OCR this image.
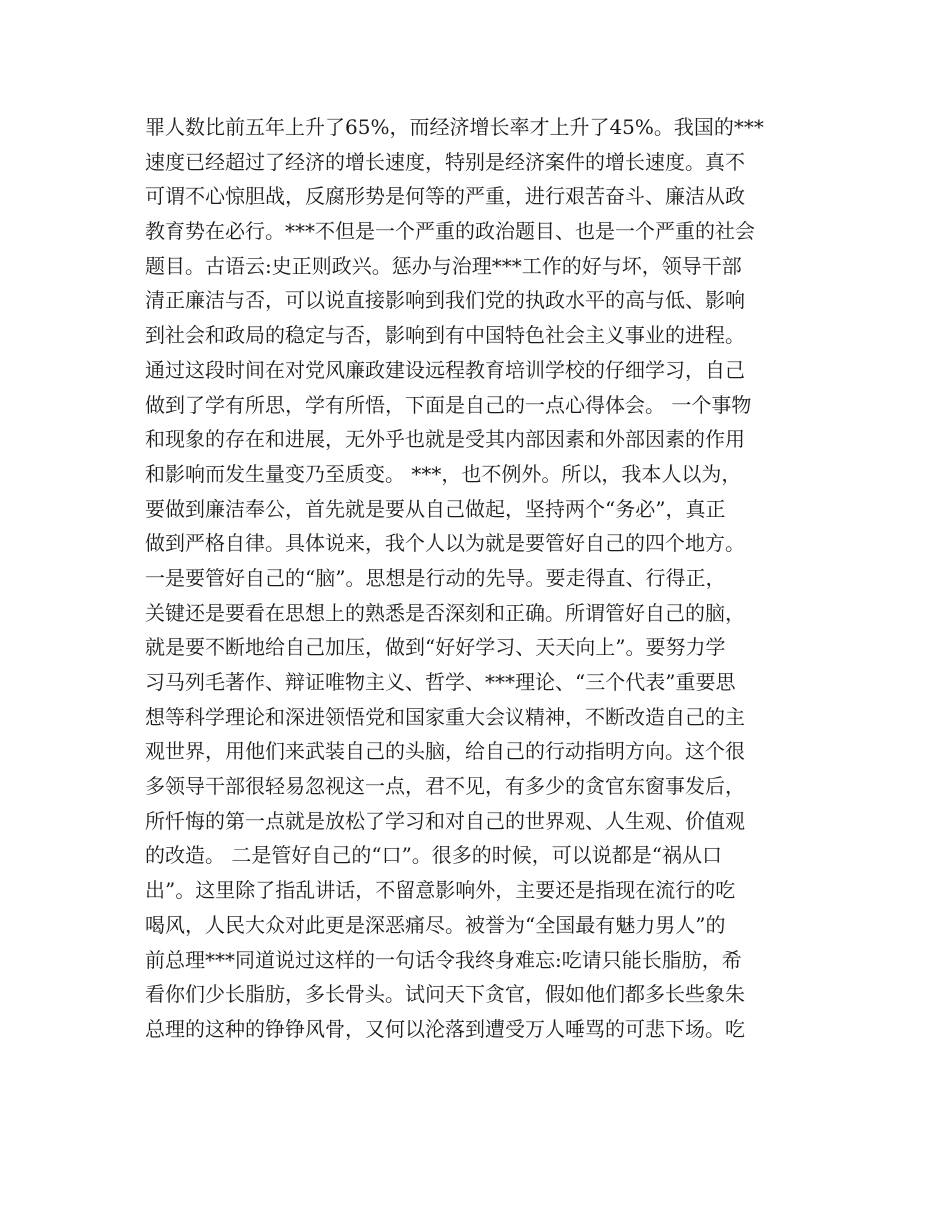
罪人数比前五年上升了65%，而经济增长率才上升了45%。我国的***
速度已经超过了经济的增长速度，特别是经济案件的增长速度。真不
可谓不心惊胆战，反腐形势是何等的严重，进行艰苦奋斗、廉洁从政
教育势在必行。***不但是一个严重的政治题目、也是一个严重的社会
题目。古语云:史正则政兴。惩办与治理***工作的好与坏，领导干部
清正廉洁与否，可以说直接影响到我们党的执政水平的高与低、影响
到社会和政局的稳定与否，影响到有中国特色社会主义事业的进程。
通过这段时间在对党风廉政建设远程教育培训学校的仔细学习，自己
做到了学有所思，学有所悟，下面是自己的一点心得体会。 一个事物
和现象的存在和进展，无外乎也就是受其内部因素和外部因素的作用
和影响而发生量变乃至质变。 ***，也不例外。所以，我本人以为，
要做到廉洁奉公，首先就是要从自己做起，坚持两个“务必”，真正
做到严格自律。具体说来，我个人以为就是要管好自己的四个地方。
一是要管好自己的“脑”。思想是行动的先导。要走得直、行得正，
关键还是要看在思想上的熟悉是否深刻和正确。所谓管好自己的脑，
就是要不断地给自己加压，做到“好好学习、天天向上”。要努力学
习马列毛著作、辩证唯物主义、哲学、***理论、“三个代表”重要思
想等科学理论和深进领悟党和国家重大会议精神，不断改造自己的主
观世界，用他们来武装自己的头脑，给自己的行动指明方向。这个很
多领导干部很轻易忽视这一点，君不见，有多少的贪官东窗事发后，
所忏悔的第一点就是放松了学习和对自己的世界观、人生观、价值观
的改造。 二是管好自己的“口”。很多的时候，可以说都是“祸从口
出”。这里除了指乱讲话，不留意影响外，主要还是指现在流行的吃
喝风，人民大众对此更是深恶痛尽。被誉为“全国最有魅力男人”的
前总理***同道说过这样的一句话令我终身难忘:吃请只能长脂肪，希
看你们少长脂肪，多长骨头。试问天下贪官，假如他们都多长些象朱
总理的这种的铮铮风骨，又何以沦落到遭受万人唾骂的可悲下场。吃
